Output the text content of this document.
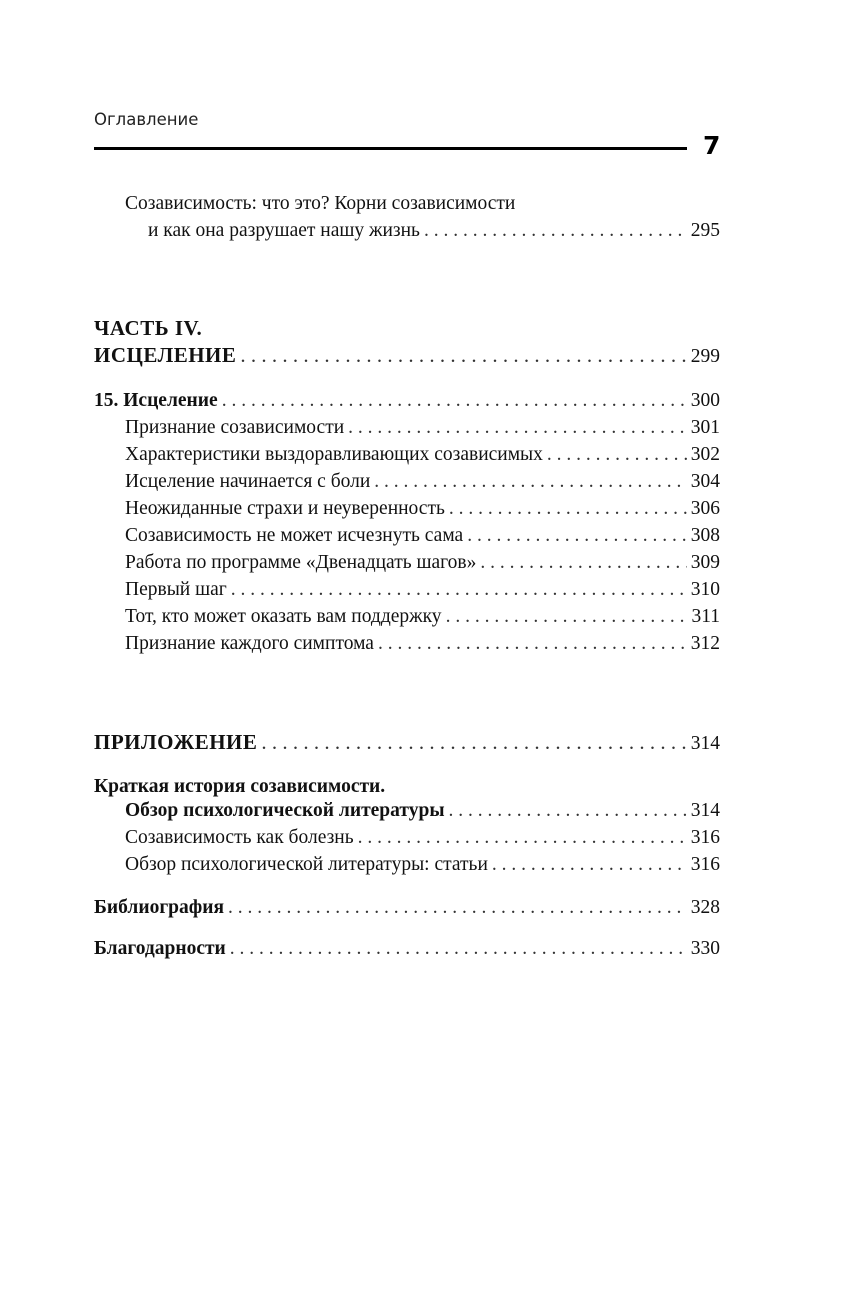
Оглавление
7
Созависимость: что это? Корни созависимости
и как она разрушает нашу жизнь . . .	295
ЧАСТЬ IV.
ИСЦЕЛЕНИЕ . . .	299
15. Исцеление . . .	300
Признание созависимости . . .	301
Характеристики выздоравливающих созависимых . . .	302
Исцеление начинается с боли . . .	304
Неожиданные страхи и неуверенность . . .	306
Созависимость не может исчезнуть сама . . .	308
Работа по программе «Двенадцать шагов» . . .	309
Первый шаг . . .	310
Тот, кто может оказать вам поддержку . . .	311
Признание каждого симптома . . .	312
ПРИЛОЖЕНИЕ . . .	314
Краткая история созависимости.
Обзор психологической литературы . . .	314
Созависимость как болезнь . . .	316
Обзор психологической литературы: статьи . . .	316
Библиография . . .	328
Благодарности . . .	330
